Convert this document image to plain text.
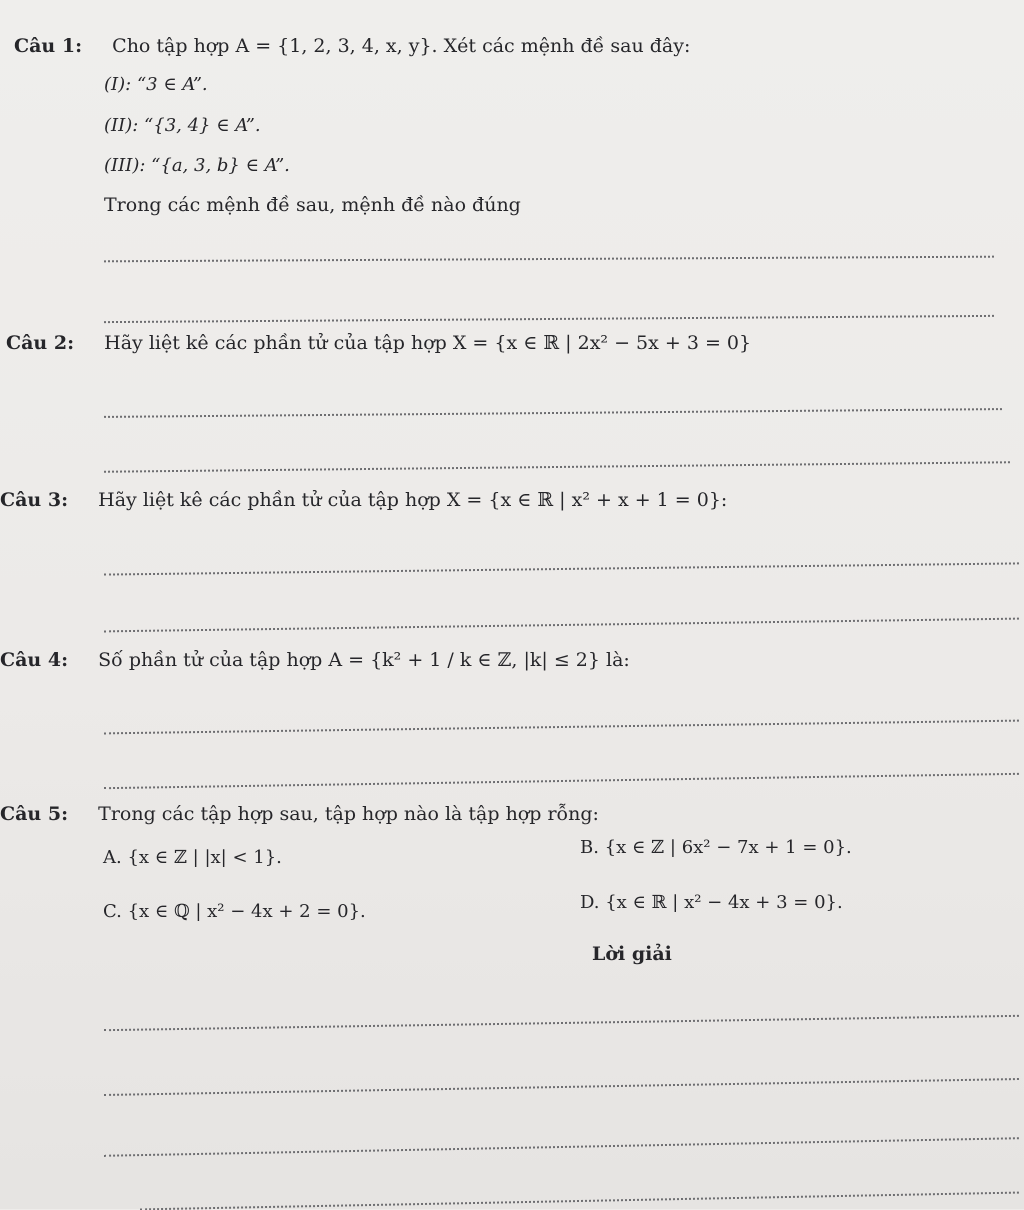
Câu 1: Cho tập hợp A = {1, 2, 3, 4, x, y}. Xét các mệnh đề sau đây:
(I): “3 ∈ A”.
(II): “{3, 4} ∈ A”.
(III): “{a, 3, b} ∈ A”.
Trong các mệnh đề sau, mệnh đề nào đúng
Câu 2: Hãy liệt kê các phần tử của tập hợp X = {x ∈ ℝ | 2x² − 5x + 3 = 0}
Câu 3: Hãy liệt kê các phần tử của tập hợp X = {x ∈ ℝ | x² + x + 1 = 0}:
Câu 4: Số phần tử của tập hợp A = {k² + 1 / k ∈ ℤ, |k| ≤ 2} là:
Câu 5: Trong các tập hợp sau, tập hợp nào là tập hợp rỗng:
A. {x ∈ ℤ | |x| < 1}.	B. {x ∈ ℤ | 6x² − 7x + 1 = 0}.
C. {x ∈ ℚ | x² − 4x + 2 = 0}.	D. {x ∈ ℝ | x² − 4x + 3 = 0}.
Lời giải
